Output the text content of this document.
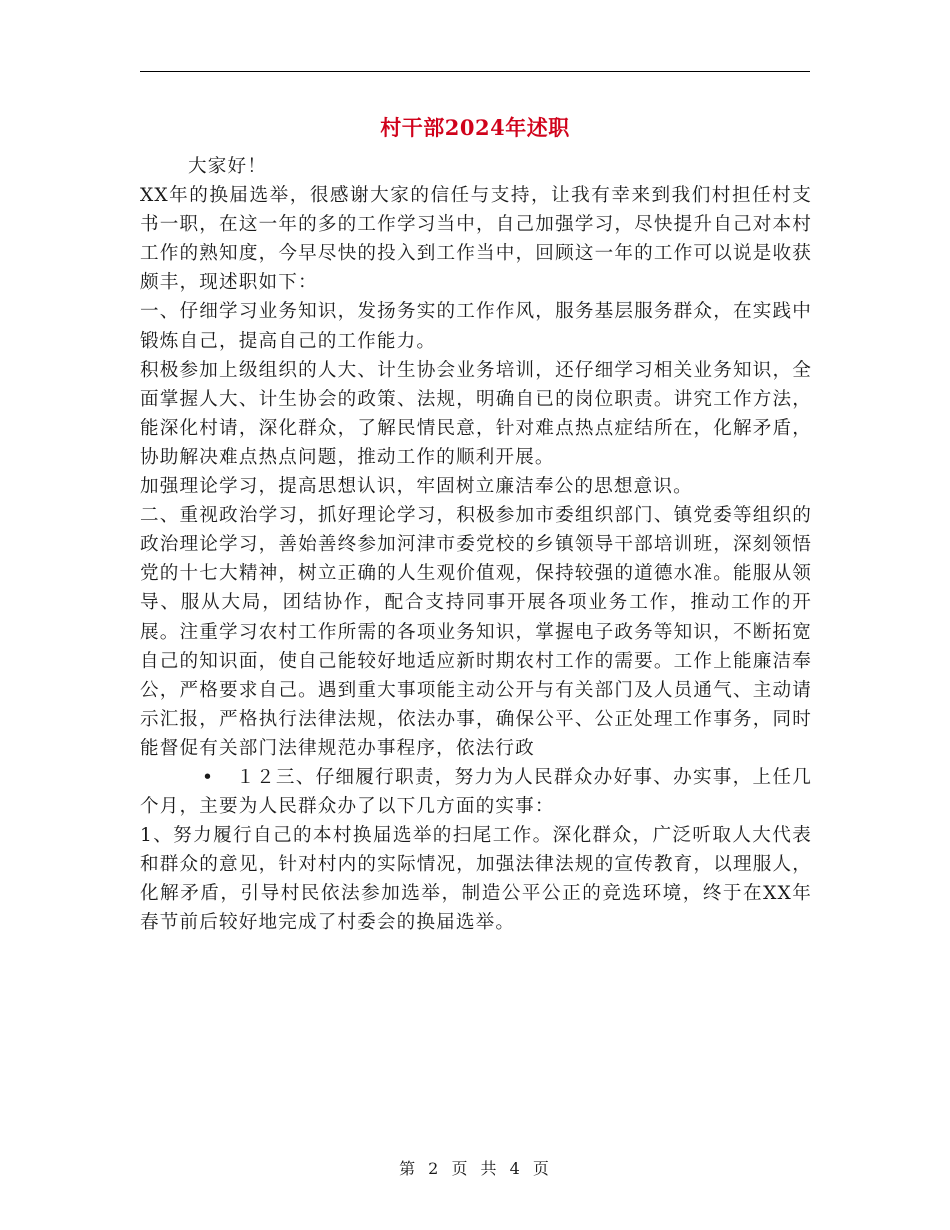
村干部2024年述职

大家好！

XX年的换届选举，很感谢大家的信任与支持，让我有幸来到我们村担任村支书一职，在这一年的多的工作学习当中，自己加强学习，尽快提升自己对本村工作的熟知度，今早尽快的投入到工作当中，回顾这一年的工作可以说是收获颇丰，现述职如下：

一、仔细学习业务知识，发扬务实的工作作风，服务基层服务群众，在实践中锻炼自己，提高自己的工作能力。

积极参加上级组织的人大、计生协会业务培训，还仔细学习相关业务知识，全面掌握人大、计生协会的政策、法规，明确自已的岗位职责。讲究工作方法，能深化村请，深化群众，了解民情民意，针对难点热点症结所在，化解矛盾，协助解决难点热点问题，推动工作的顺利开展。

加强理论学习，提高思想认识，牢固树立廉洁奉公的思想意识。

二、重视政治学习，抓好理论学习，积极参加市委组织部门、镇党委等组织的政治理论学习，善始善终参加河津市委党校的乡镇领导干部培训班，深刻领悟党的十七大精神，树立正确的人生观价值观，保持较强的道德水准。能服从领导、服从大局，团结协作，配合支持同事开展各项业务工作，推动工作的开展。注重学习农村工作所需的各项业务知识，掌握电子政务等知识，不断拓宽自己的知识面，使自己能较好地适应新时期农村工作的需要。工作上能廉洁奉公，严格要求自己。遇到重大事项能主动公开与有关部门及人员通气、主动请示汇报，严格执行法律法规，依法办事，确保公平、公正处理工作事务，同时能督促有关部门法律规范办事程序，依法行政

• １２三、仔细履行职责，努力为人民群众办好事、办实事，上任几个月，主要为人民群众办了以下几方面的实事：

1、努力履行自己的本村换届选举的扫尾工作。深化群众，广泛听取人大代表和群众的意见，针对村内的实际情况，加强法律法规的宣传教育，以理服人，化解矛盾，引导村民依法参加选举，制造公平公正的竞选环境，终于在XX年春节前后较好地完成了村委会的换届选举。

第 2 页 共 4 页
